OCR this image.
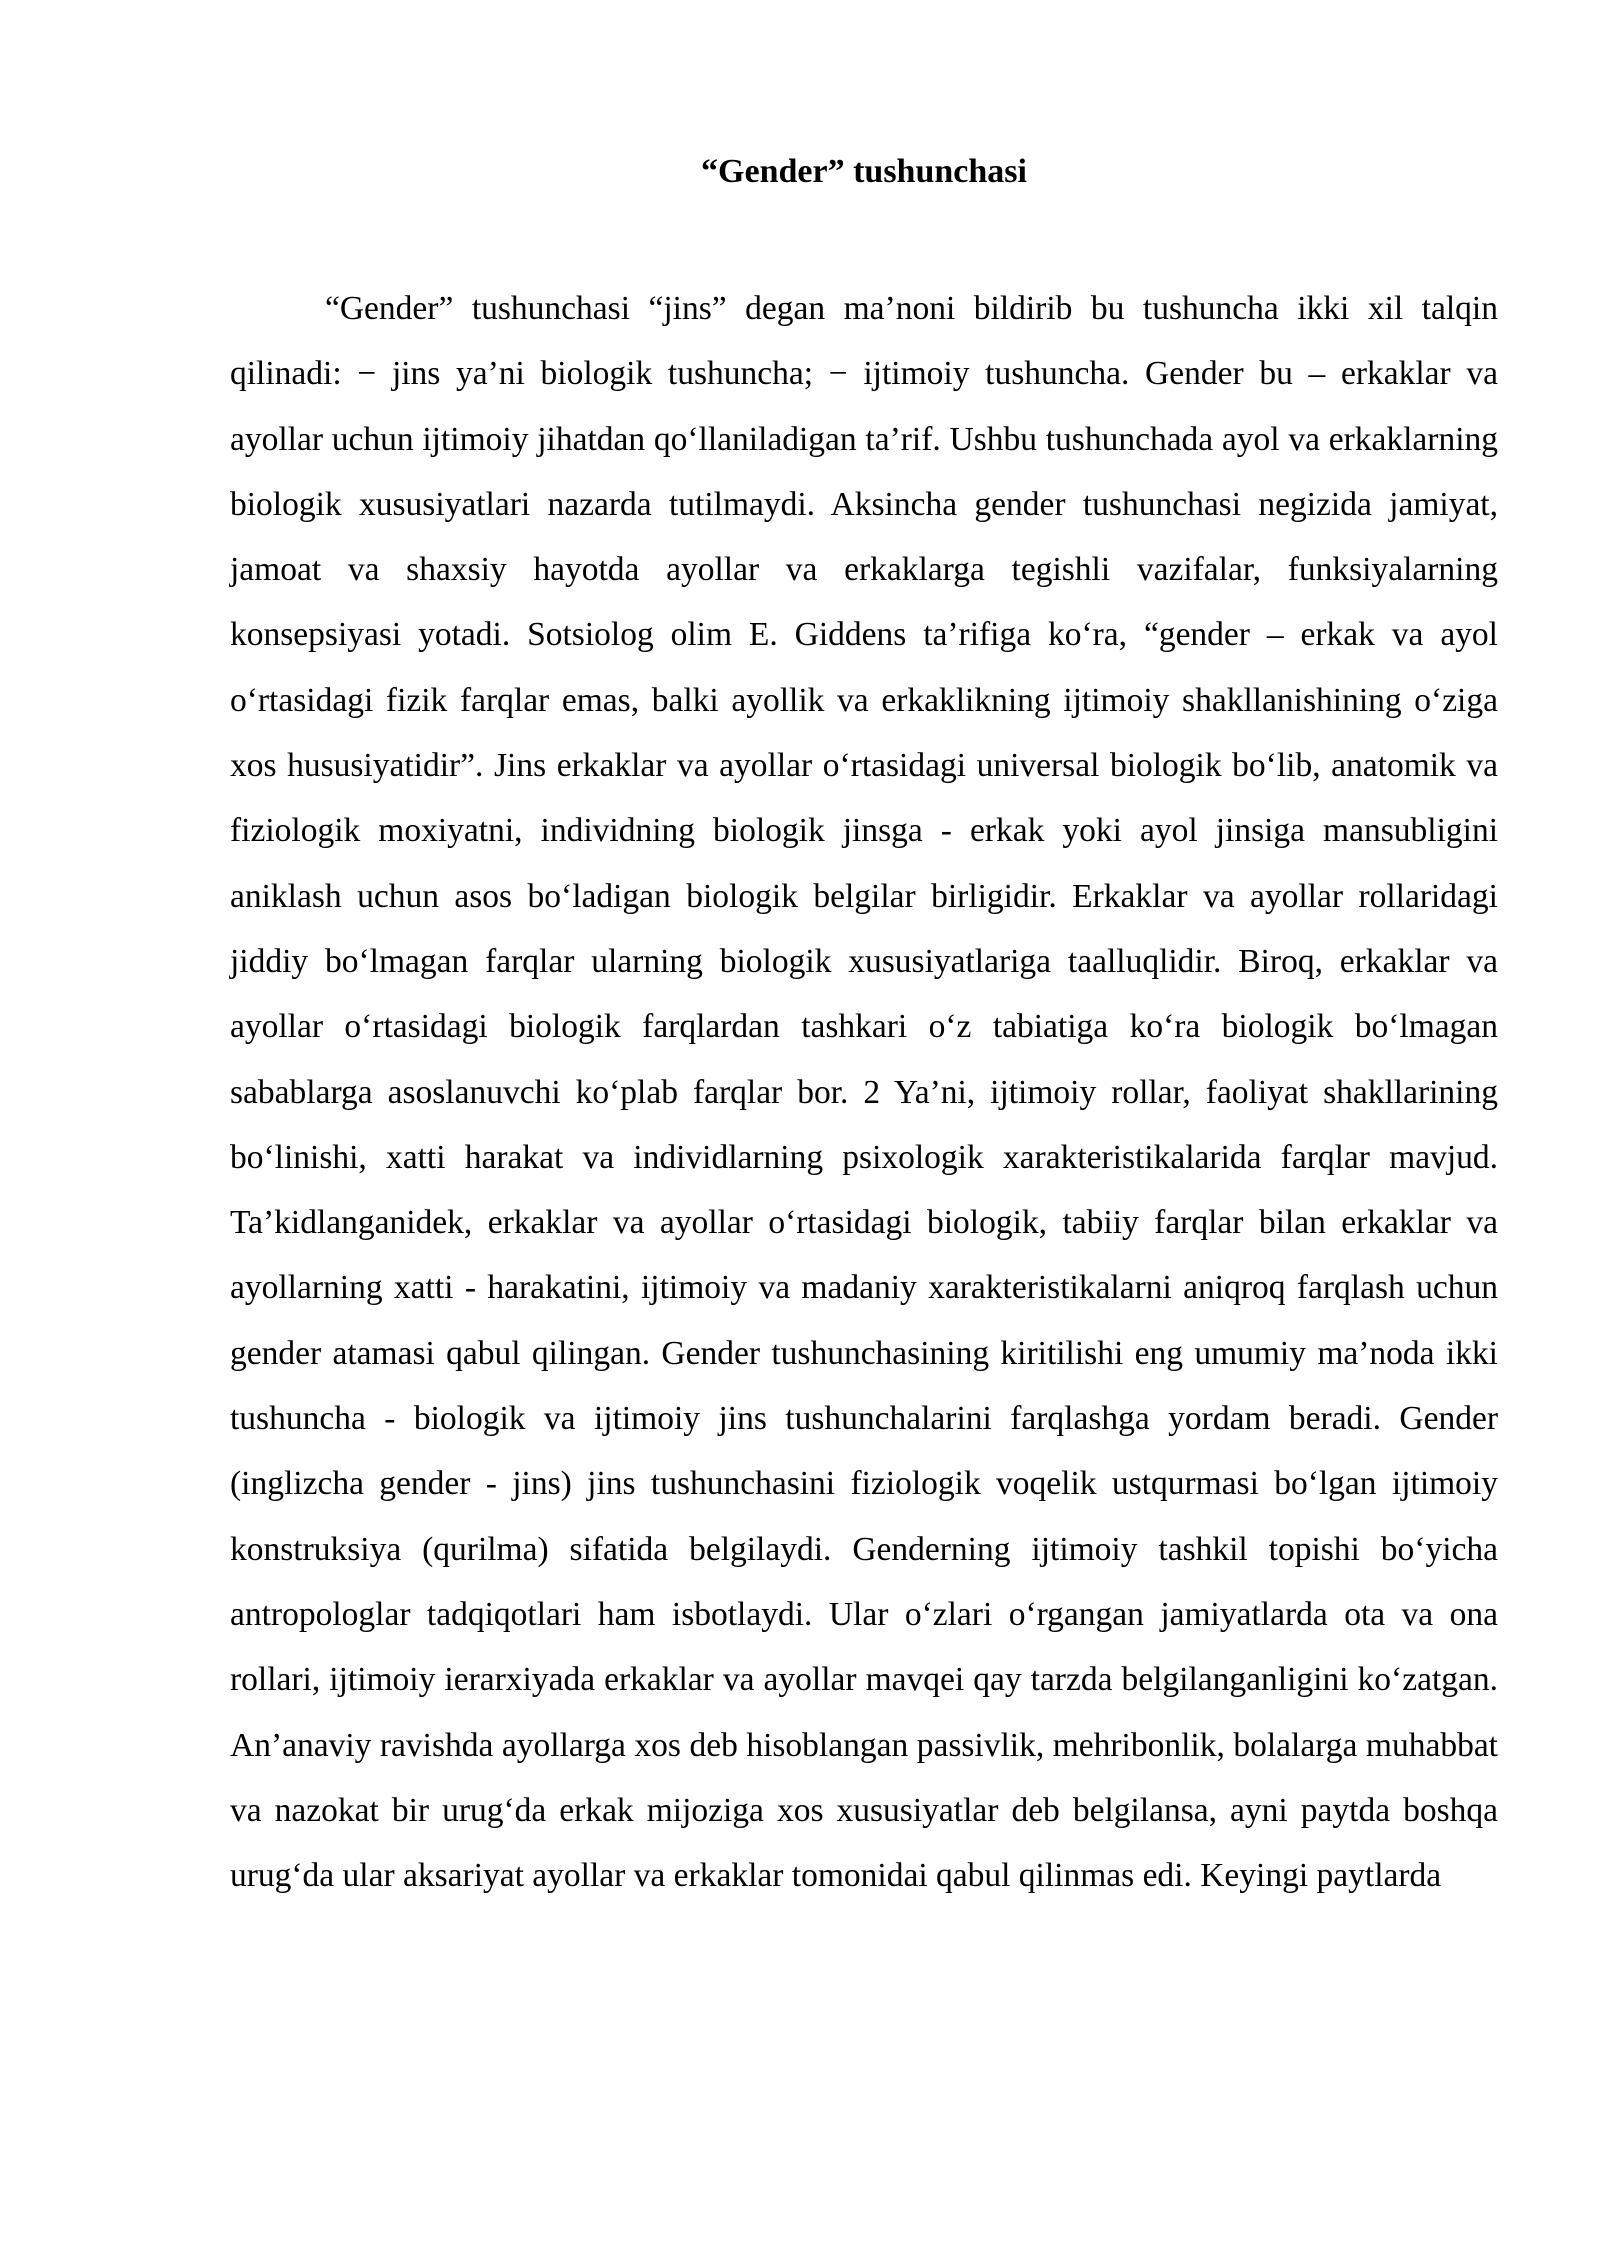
“Gender” tushunchasi

“Gender” tushunchasi “jins” degan ma’noni bildirib bu tushuncha ikki xil talqin qilinadi: − jins ya’ni biologik tushuncha; − ijtimoiy tushuncha. Gender bu – erkaklar va ayollar uchun ijtimoiy jihatdan qo‘llaniladigan ta’rif. Ushbu tushunchada ayol va erkaklarning biologik xususiyatlari nazarda tutilmaydi. Aksincha gender tushunchasi negizida jamiyat, jamoat va shaxsiy hayotda ayollar va erkaklarga tegishli vazifalar, funksiyalarning konsepsiyasi yotadi. Sotsiolog olim E. Giddens ta’rifiga ko‘ra, “gender – erkak va ayol o‘rtasidagi fizik farqlar emas, balki ayollik va erkaklikning ijtimoiy shakllanishining o‘ziga xos hususiyatidir”. Jins erkaklar va ayollar o‘rtasidagi universal biologik bo‘lib, anatomik va fiziologik moxiyatni, individning biologik jinsga - erkak yoki ayol jinsiga mansubligini aniklash uchun asos bo‘ladigan biologik belgilar birligidir. Erkaklar va ayollar rollaridagi jiddiy bo‘lmagan farqlar ularning biologik xususiyatlariga taalluqlidir. Biroq, erkaklar va ayollar o‘rtasidagi biologik farqlardan tashkari o‘z tabiatiga ko‘ra biologik bo‘lmagan sabablarga asoslanuvchi ko‘plab farqlar bor. 2 Ya’ni, ijtimoiy rollar, faoliyat shakllarining bo‘linishi, xatti harakat va individlarning psixologik xarakteristikalarida farqlar mavjud. Ta’kidlanganidek, erkaklar va ayollar o‘rtasidagi biologik, tabiiy farqlar bilan erkaklar va ayollarning xatti - harakatini, ijtimoiy va madaniy xarakteristikalarni aniqroq farqlash uchun gender atamasi qabul qilingan. Gender tushunchasining kiritilishi eng umumiy ma’noda ikki tushuncha - biologik va ijtimoiy jins tushunchalarini farqlashga yordam beradi. Gender (inglizcha gender - jins) jins tushunchasini fiziologik voqelik ustqurmasi bo‘lgan ijtimoiy konstruksiya (qurilma) sifatida belgilaydi. Genderning ijtimoiy tashkil topishi bo‘yicha antropologlar tadqiqotlari ham isbotlaydi. Ular o‘zlari o‘rgangan jamiyatlarda ota va ona rollari, ijtimoiy ierarxiyada erkaklar va ayollar mavqei qay tarzda belgilanganligini ko‘zatgan. An’anaviy ravishda ayollarga xos deb hisoblangan passivlik, mehribonlik, bolalarga muhabbat va nazokat bir urug‘da erkak mijoziga xos xususiyatlar deb belgilansa, ayni paytda boshqa urug‘da ular aksariyat ayollar va erkaklar tomonidai qabul qilinmas edi. Keyingi paytlarda
